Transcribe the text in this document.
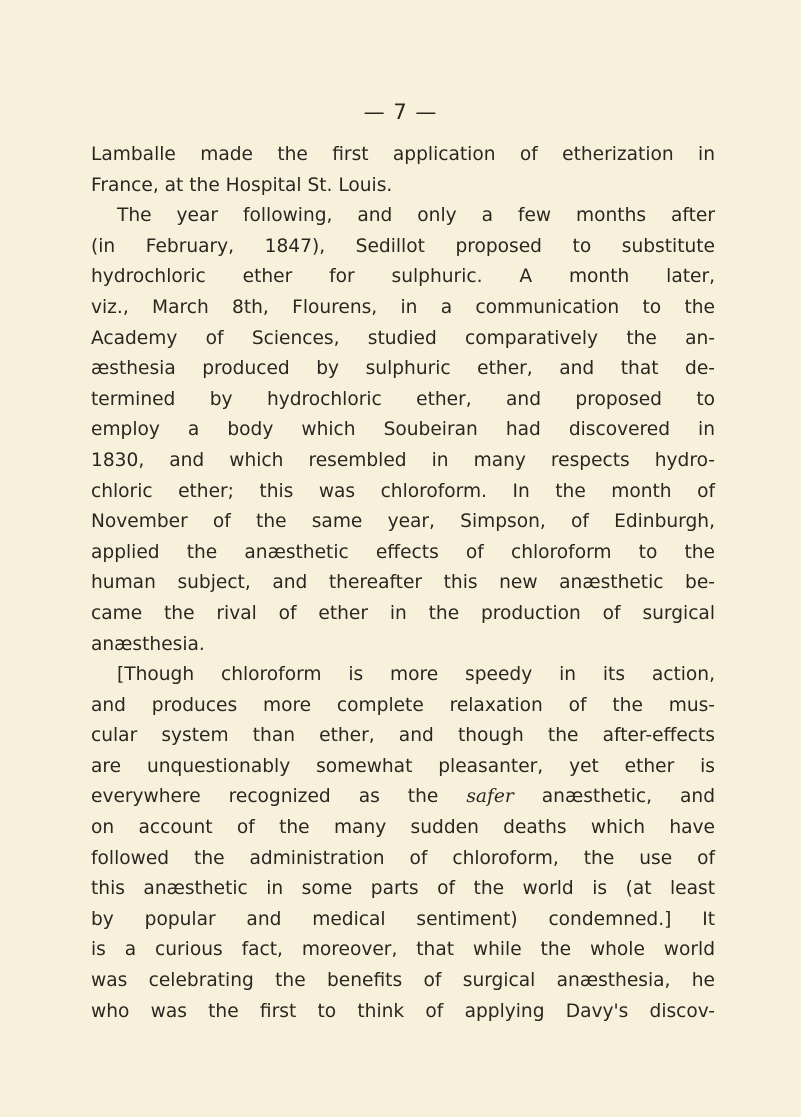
— 7 —
Lamballe made the first application of etherization in
France, at the Hospital St. Louis.
The year following, and only a few months after
(in February, 1847), Sedillot proposed to substitute
hydrochloric ether for sulphuric. A month later,
viz., March 8th, Flourens, in a communication to the
Academy of Sciences, studied comparatively the an-
æsthesia produced by sulphuric ether, and that de-
termined by hydrochloric ether, and proposed to
employ a body which Soubeiran had discovered in
1830, and which resembled in many respects hydro-
chloric ether; this was chloroform. In the month of
November of the same year, Simpson, of Edinburgh,
applied the anæsthetic effects of chloroform to the
human subject, and thereafter this new anæsthetic be-
came the rival of ether in the production of surgical
anæsthesia.
[Though chloroform is more speedy in its action,
and produces more complete relaxation of the mus-
cular system than ether, and though the after-effects
are unquestionably somewhat pleasanter, yet ether is
everywhere recognized as the safer anæsthetic, and
on account of the many sudden deaths which have
followed the administration of chloroform, the use of
this anæsthetic in some parts of the world is (at least
by popular and medical sentiment) condemned.] It
is a curious fact, moreover, that while the whole world
was celebrating the benefits of surgical anæsthesia, he
who was the first to think of applying Davy's discov-
